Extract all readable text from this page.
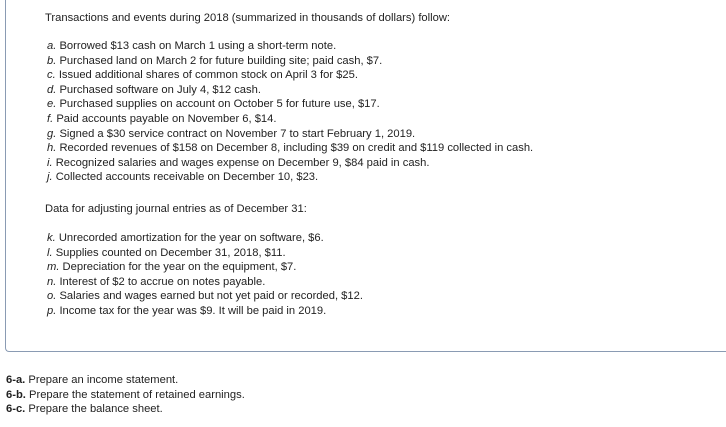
Transactions and events during 2018 (summarized in thousands of dollars) follow:

a. Borrowed $13 cash on March 1 using a short-term note.
b. Purchased land on March 2 for future building site; paid cash, $7.
c. Issued additional shares of common stock on April 3 for $25.
d. Purchased software on July 4, $12 cash.
e. Purchased supplies on account on October 5 for future use, $17.
f. Paid accounts payable on November 6, $14.
g. Signed a $30 service contract on November 7 to start February 1, 2019.
h. Recorded revenues of $158 on December 8, including $39 on credit and $119 collected in cash.
i. Recognized salaries and wages expense on December 9, $84 paid in cash.
j. Collected accounts receivable on December 10, $23.

Data for adjusting journal entries as of December 31:

k. Unrecorded amortization for the year on software, $6.
l. Supplies counted on December 31, 2018, $11.
m. Depreciation for the year on the equipment, $7.
n. Interest of $2 to accrue on notes payable.
o. Salaries and wages earned but not yet paid or recorded, $12.
p. Income tax for the year was $9. It will be paid in 2019.
6-a. Prepare an income statement.
6-b. Prepare the statement of retained earnings.
6-c. Prepare the balance sheet.
